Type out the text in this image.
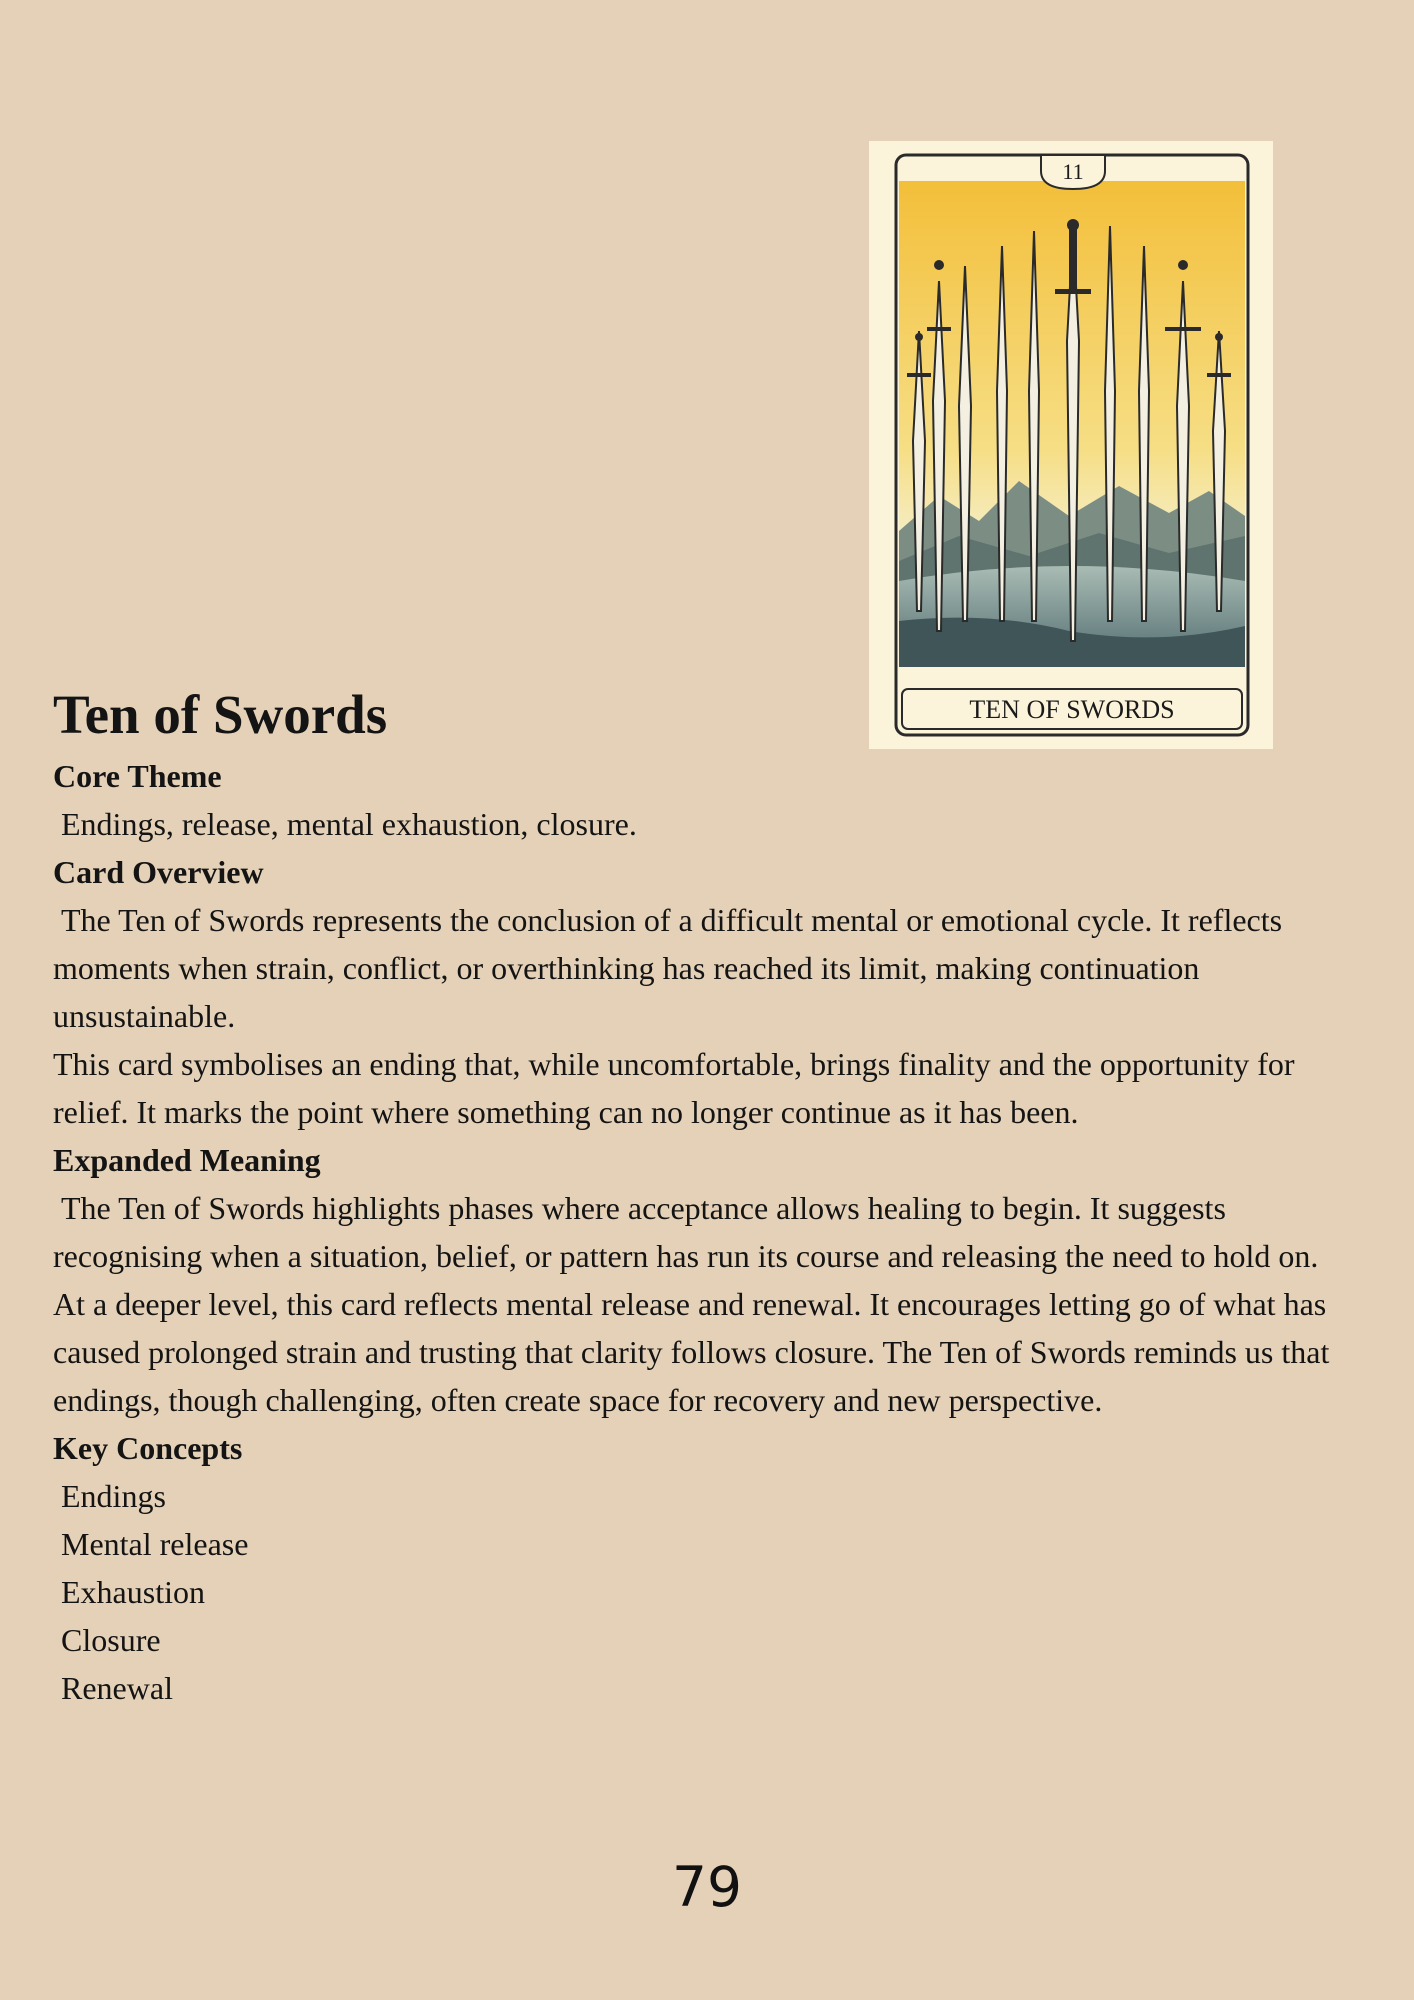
11
TEN OF SWORDS
Ten of Swords
Core Theme
Endings, release, mental exhaustion, closure.
Card Overview
The Ten of Swords represents the conclusion of a difficult mental or emotional cycle. It reflects moments when strain, conflict, or overthinking has reached its limit, making continuation unsustainable.
This card symbolises an ending that, while uncomfortable, brings finality and the opportunity for relief. It marks the point where something can no longer continue as it has been.
Expanded Meaning
The Ten of Swords highlights phases where acceptance allows healing to begin. It suggests recognising when a situation, belief, or pattern has run its course and releasing the need to hold on.
At a deeper level, this card reflects mental release and renewal. It encourages letting go of what has caused prolonged strain and trusting that clarity follows closure. The Ten of Swords reminds us that endings, though challenging, often create space for recovery and new perspective.
Key Concepts
Endings
Mental release
Exhaustion
Closure
Renewal
79
